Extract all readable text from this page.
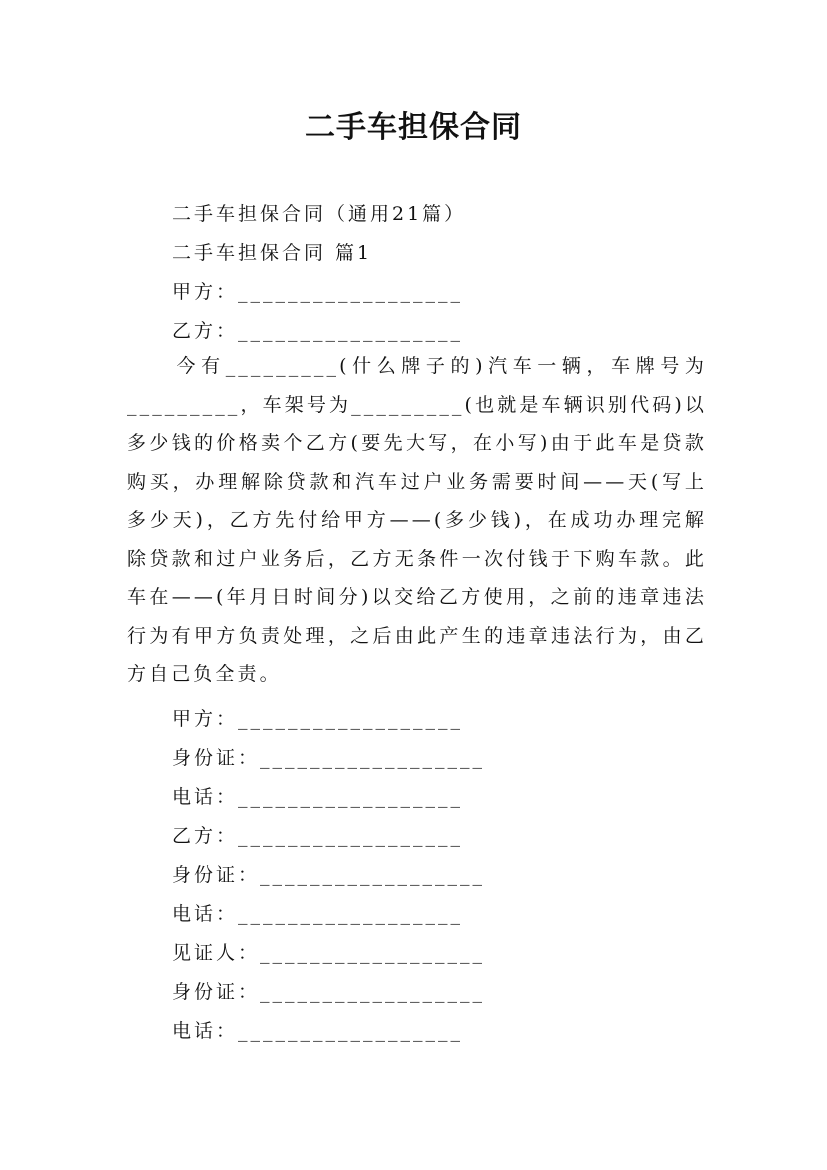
二手车担保合同
二手车担保合同（通用21篇）
二手车担保合同 篇1
甲方：__________________
乙方：__________________
今有_________(什么牌子的)汽车一辆，车牌号为_________，车架号为_________(也就是车辆识别代码)以多少钱的价格卖个乙方(要先大写，在小写)由于此车是贷款购买，办理解除贷款和汽车过户业务需要时间——天(写上多少天)，乙方先付给甲方——(多少钱)，在成功办理完解除贷款和过户业务后，乙方无条件一次付钱于下购车款。此车在——(年月日时间分)以交给乙方使用，之前的违章违法行为有甲方负责处理，之后由此产生的违章违法行为，由乙方自己负全责。
甲方：__________________
身份证：__________________
电话：__________________
乙方：__________________
身份证：__________________
电话：__________________
见证人：__________________
身份证：__________________
电话：__________________
